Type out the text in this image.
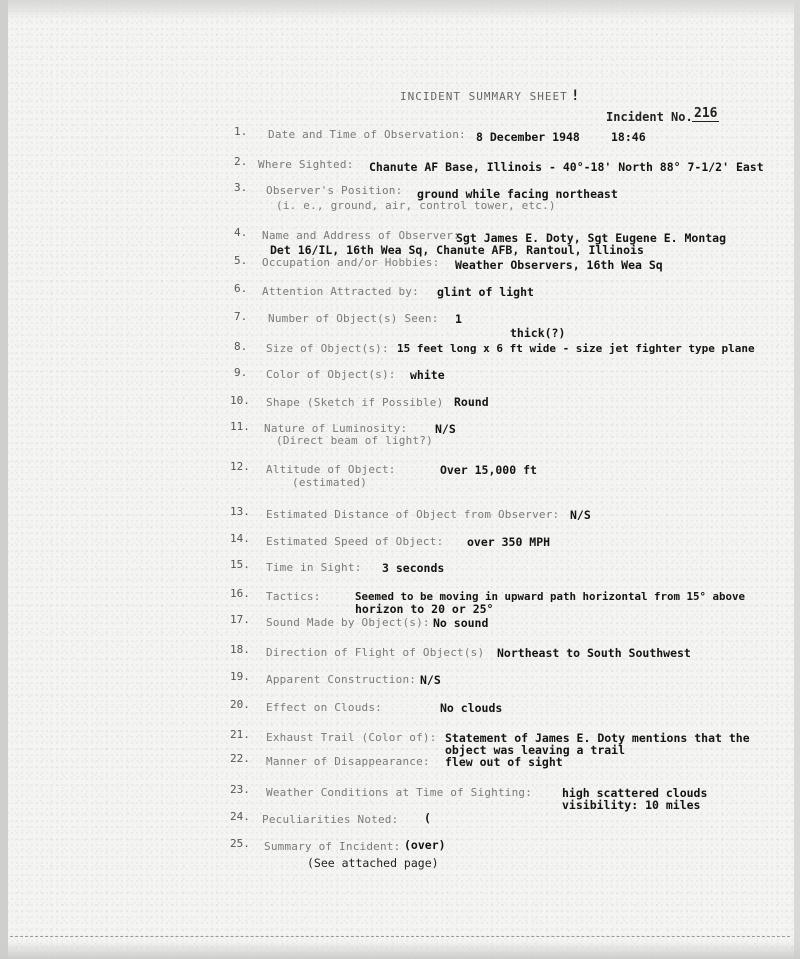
INCIDENT SUMMARY SHEET !
Incident No. 216
1. Date and Time of Observation: 8 December 1948	18:46
2. Where Sighted: Chanute AF Base, Illinois - 40°-18' North 88° 7-1/2' East
3. Observer's Position: ground while facing northeast
(i. e., ground, air, control tower, etc.)
4. Name and Address of Observer:
Sgt James E. Doty, Sgt Eugene E. Montag
Det 16/IL, 16th Wea Sq, Chanute AFB, Rantoul, Illinois
5. Occupation and/or Hobbies: Weather Observers, 16th Wea Sq
6. Attention Attracted by: glint of light
7. Number of Object(s) Seen: 1
thick(?)
8. Size of Object(s): 15 feet long x 6 ft wide - size jet fighter type plane
9. Color of Object(s): white
10. Shape (Sketch if Possible) Round
11. Nature of Luminosity: N/S
(Direct beam of light?)
12. Altitude of Object:	Over 15,000 ft
(estimated)
13. Estimated Distance of Object from Observer: N/S
14. Estimated Speed of Object: over 350 MPH
15. Time in Sight: 3 seconds
16. Tactics:	Seemed to be moving in upward path horizontal from 15° above
horizon to 20 or 25°
17. Sound Made by Object(s): No sound
18. Direction of Flight of Object(s) Northeast to South Southwest
19. Apparent Construction: N/S
20. Effect on Clouds:	No clouds
21. Exhaust Trail (Color of): Statement of James E. Doty mentions that the
object was leaving a trail
22. Manner of Disappearance: flew out of sight
23. Weather Conditions at Time of Sighting:	high scattered clouds
visibility: 10 miles
24. Peculiarities Noted: (
25. Summary of Incident: (over)
(See attached page)
